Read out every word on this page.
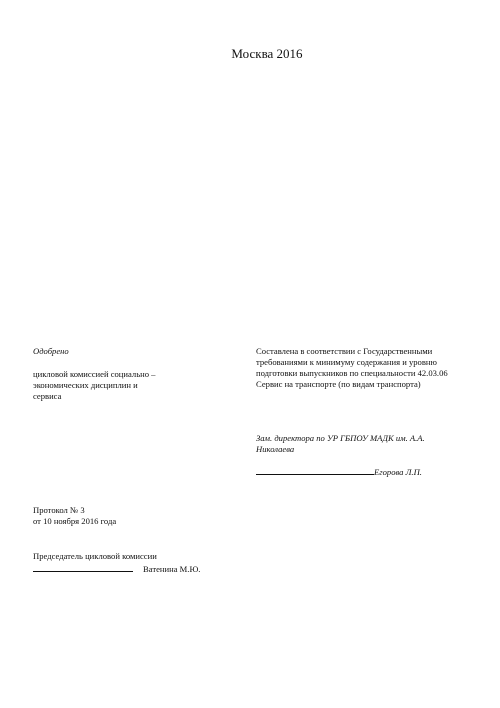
Москва 2016
Одобрено
цикловой комиссией социально –
экономических дисциплин и
сервиса
Протокол № 3
от 10 ноября 2016 года
Председатель цикловой комиссии
Ватенина М.Ю.
Составлена в соответствии с Государственными
требованиями к минимуму содержания и уровню
подготовки выпускников по специальности 42.03.06
Сервис на транспорте (по видам транспорта)
Зам. директора по УР ГБПОУ МАДК им. А.А.
Николаева
Егорова Л.П.
